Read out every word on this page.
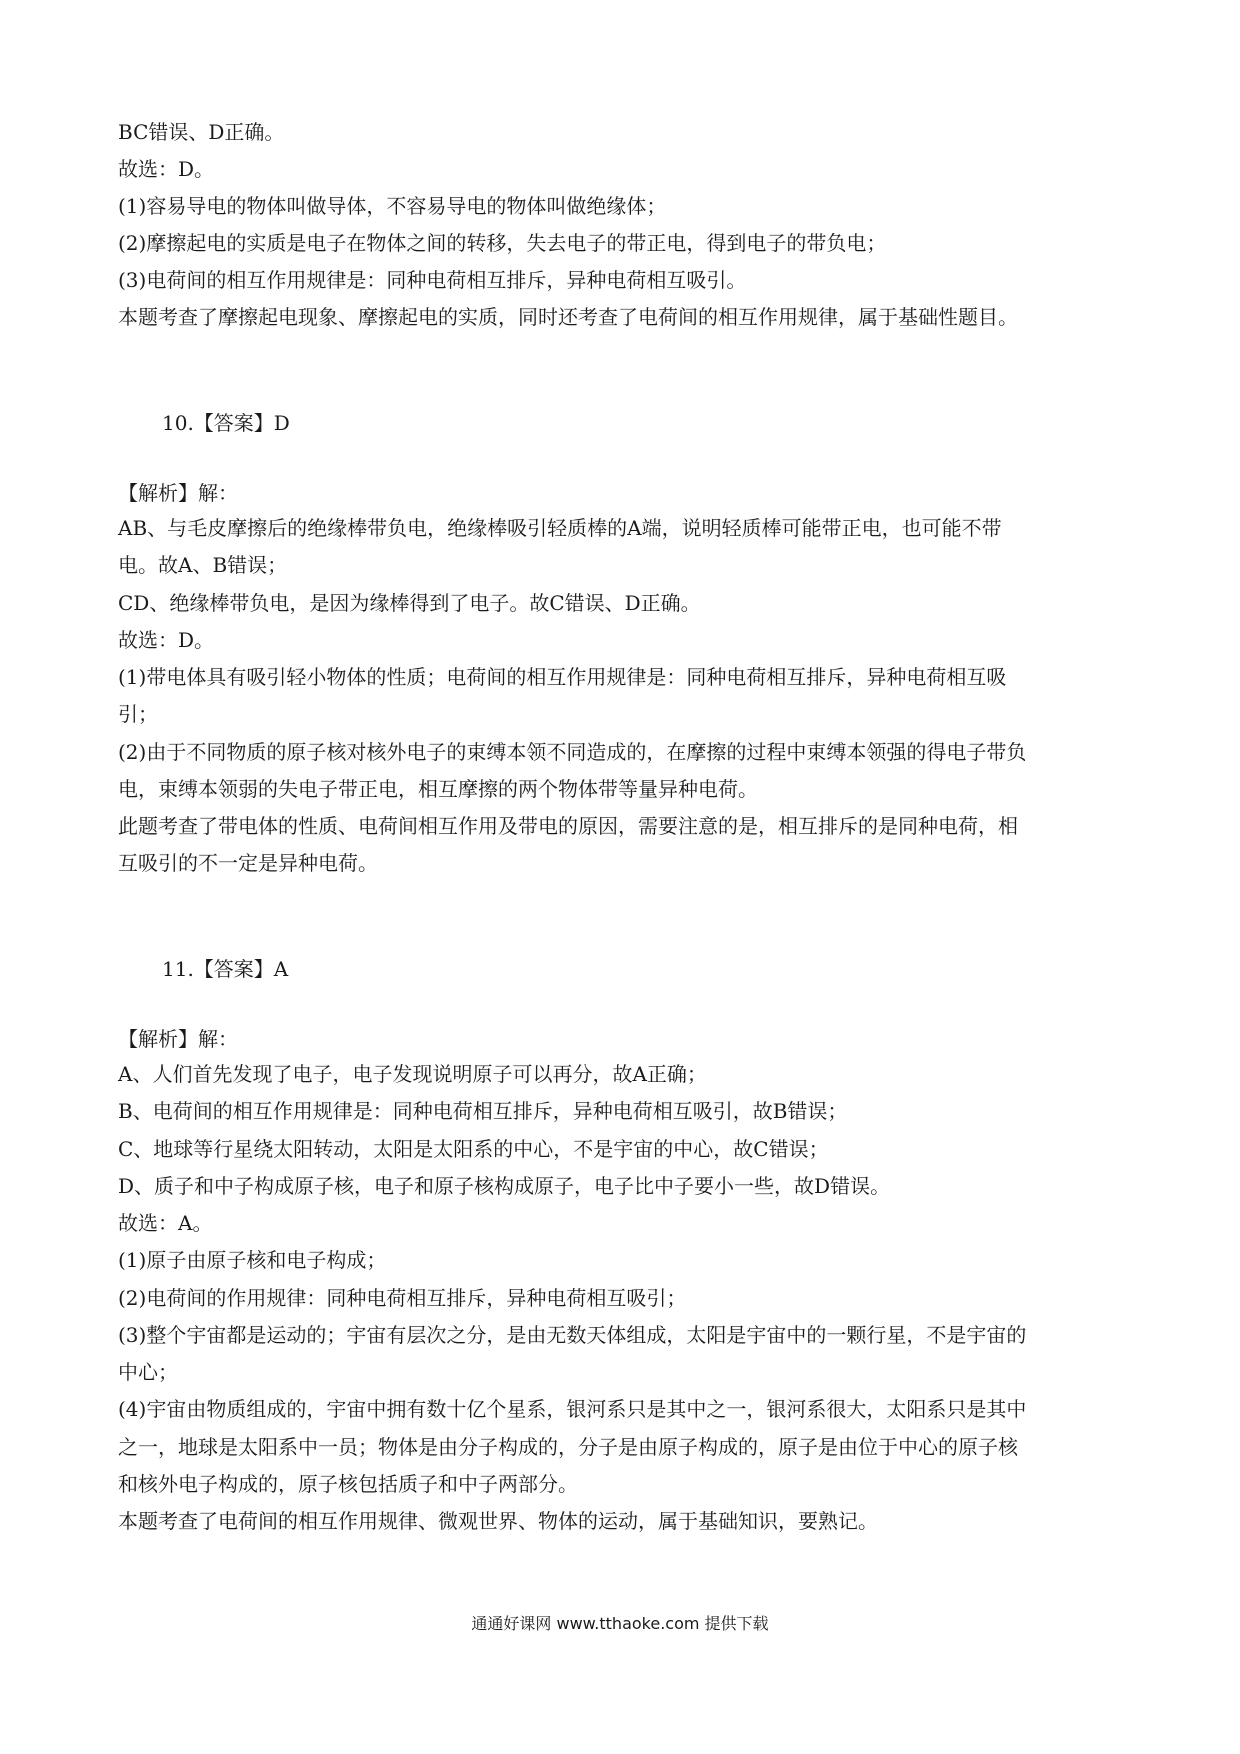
BC错误、D正确。
故选：D。
(1)容易导电的物体叫做导体，不容易导电的物体叫做绝缘体；
(2)摩擦起电的实质是电子在物体之间的转移，失去电子的带正电，得到电子的带负电；
(3)电荷间的相互作用规律是：同种电荷相互排斥，异种电荷相互吸引。
本题考查了摩擦起电现象、摩擦起电的实质，同时还考查了电荷间的相互作用规律，属于基础性题目。
10.【答案】D
【解析】解：
AB、与毛皮摩擦后的绝缘棒带负电，绝缘棒吸引轻质棒的A端，说明轻质棒可能带正电，也可能不带
电。故A、B错误；
CD、绝缘棒带负电，是因为缘棒得到了电子。故C错误、D正确。
故选：D。
(1)带电体具有吸引轻小物体的性质；电荷间的相互作用规律是：同种电荷相互排斥，异种电荷相互吸
引；
(2)由于不同物质的原子核对核外电子的束缚本领不同造成的，在摩擦的过程中束缚本领强的得电子带负
电，束缚本领弱的失电子带正电，相互摩擦的两个物体带等量异种电荷。
此题考查了带电体的性质、电荷间相互作用及带电的原因，需要注意的是，相互排斥的是同种电荷，相
互吸引的不一定是异种电荷。
11.【答案】A
【解析】解：
A、人们首先发现了电子，电子发现说明原子可以再分，故A正确；
B、电荷间的相互作用规律是：同种电荷相互排斥，异种电荷相互吸引，故B错误；
C、地球等行星绕太阳转动，太阳是太阳系的中心，不是宇宙的中心，故C错误；
D、质子和中子构成原子核，电子和原子核构成原子，电子比中子要小一些，故D错误。
故选：A。
(1)原子由原子核和电子构成；
(2)电荷间的作用规律：同种电荷相互排斥，异种电荷相互吸引；
(3)整个宇宙都是运动的；宇宙有层次之分，是由无数天体组成，太阳是宇宙中的一颗行星，不是宇宙的
中心；
(4)宇宙由物质组成的，宇宙中拥有数十亿个星系，银河系只是其中之一，银河系很大，太阳系只是其中
之一，地球是太阳系中一员；物体是由分子构成的，分子是由原子构成的，原子是由位于中心的原子核
和核外电子构成的，原子核包括质子和中子两部分。
本题考查了电荷间的相互作用规律、微观世界、物体的运动，属于基础知识，要熟记。
通通好课网 www.tthaoke.com 提供下载
